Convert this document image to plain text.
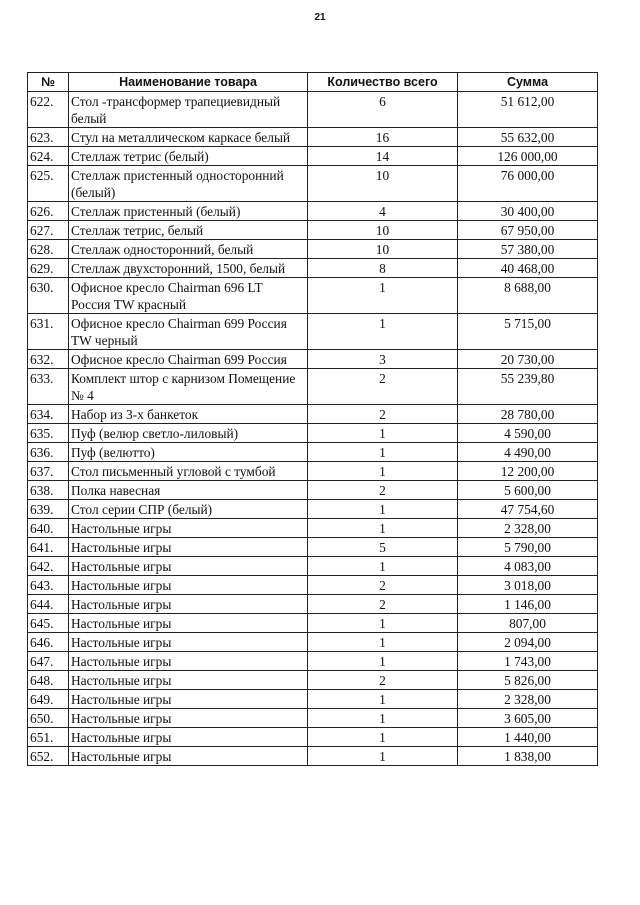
21
№	Наименование товара	Количество всего	Сумма
622.	Стол -трансформер трапециевидный белый	6	51 612,00
623.	Стул на металлическом каркасе белый	16	55 632,00
624.	Стеллаж тетрис (белый)	14	126 000,00
625.	Стеллаж пристенный односторонний (белый)	10	76 000,00
626.	Стеллаж пристенный (белый)	4	30 400,00
627.	Стеллаж тетрис, белый	10	67 950,00
628.	Стеллаж односторонний, белый	10	57 380,00
629.	Стеллаж двухсторонний, 1500, белый	8	40 468,00
630.	Офисное кресло Chairman 696 LT Россия TW красный	1	8 688,00
631.	Офисное кресло Chairman 699 Россия TW черный	1	5 715,00
632.	Офисное кресло Chairman 699 Россия	3	20 730,00
633.	Комплект штор с карнизом Помещение № 4	2	55 239,80
634.	Набор из 3-х банкеток	2	28 780,00
635.	Пуф (велюр светло-лиловый)	1	4 590,00
636.	Пуф (велютто)	1	4 490,00
637.	Стол письменный угловой с тумбой	1	12 200,00
638.	Полка навесная	2	5 600,00
639.	Стол серии СПР (белый)	1	47 754,60
640.	Настольные игры	1	2 328,00
641.	Настольные игры	5	5 790,00
642.	Настольные игры	1	4 083,00
643.	Настольные игры	2	3 018,00
644.	Настольные игры	2	1 146,00
645.	Настольные игры	1	807,00
646.	Настольные игры	1	2 094,00
647.	Настольные игры	1	1 743,00
648.	Настольные игры	2	5 826,00
649.	Настольные игры	1	2 328,00
650.	Настольные игры	1	3 605,00
651.	Настольные игры	1	1 440,00
652.	Настольные игры	1	1 838,00
